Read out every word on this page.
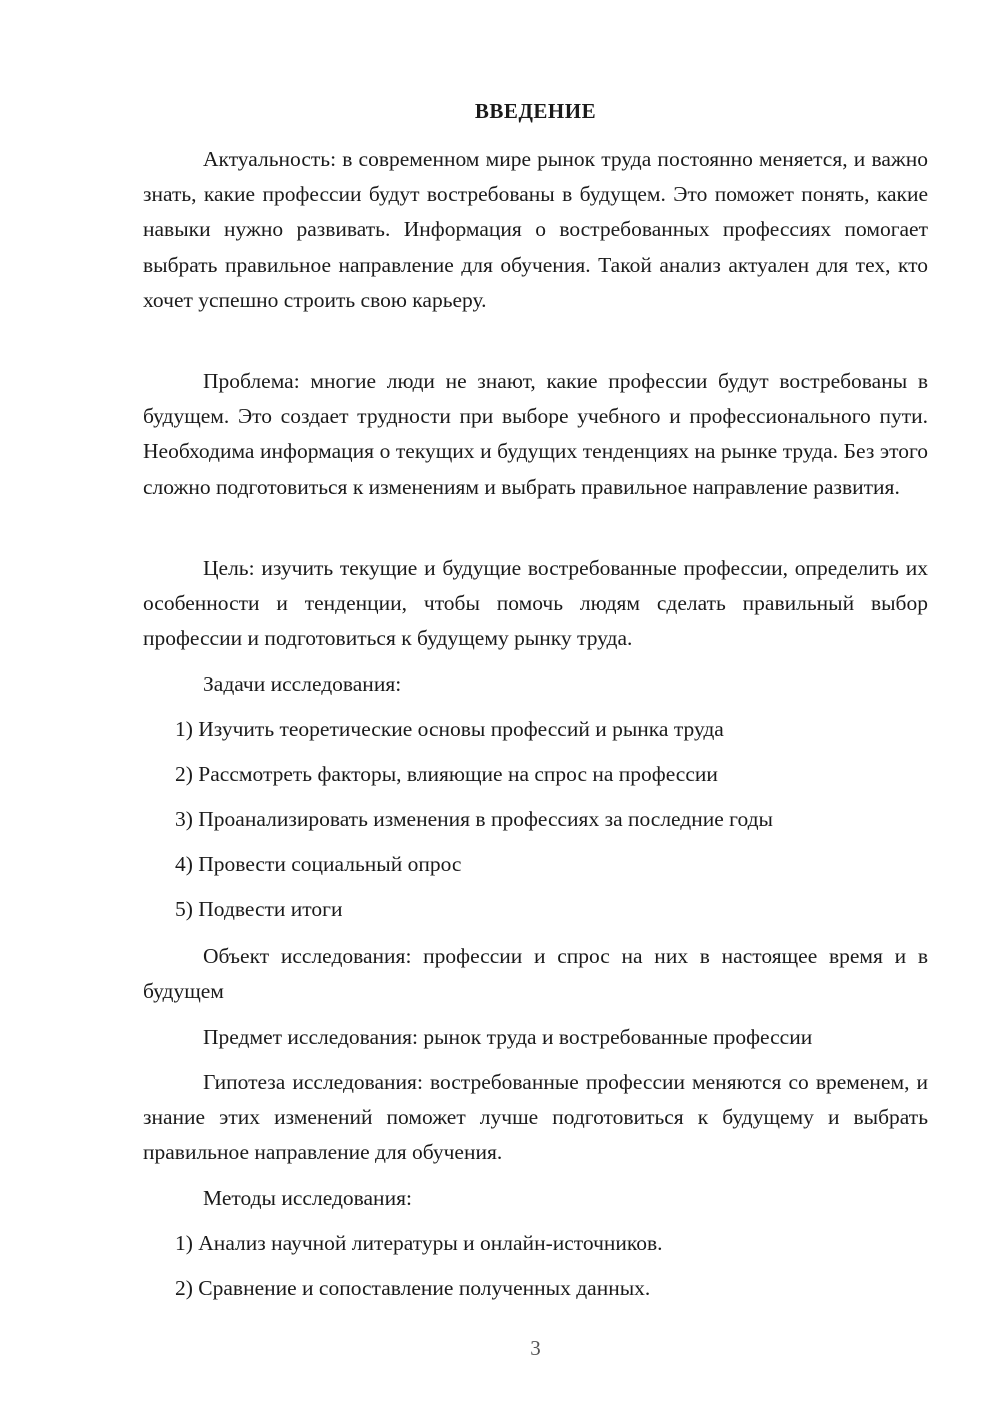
ВВЕДЕНИЕ

Актуальность: в современном мире рынок труда постоянно меняется, и важно знать, какие профессии будут востребованы в будущем. Это поможет понять, какие навыки нужно развивать. Информация о востребованных профессиях помогает выбрать правильное направление для обучения. Такой анализ актуален для тех, кто хочет успешно строить свою карьеру.

Проблема: многие люди не знают, какие профессии будут востребованы в будущем. Это создает трудности при выборе учебного и профессионального пути. Необходима информация о текущих и будущих тенденциях на рынке труда. Без этого сложно подготовиться к изменениям и выбрать правильное направление развития.

Цель: изучить текущие и будущие востребованные профессии, определить их особенности и тенденции, чтобы помочь людям сделать правильный выбор профессии и подготовиться к будущему рынку труда.

Задачи исследования:

1) Изучить теоретические основы профессий и рынка труда

2) Рассмотреть факторы, влияющие на спрос на профессии

3) Проанализировать изменения в профессиях за последние годы

4) Провести социальный опрос

5) Подвести итоги

Объект исследования: профессии и спрос на них в настоящее время и в будущем

Предмет исследования: рынок труда и востребованные профессии

Гипотеза исследования: востребованные профессии меняются со временем, и знание этих изменений поможет лучше подготовиться к будущему и выбрать правильное направление для обучения.

Методы исследования:

1) Анализ научной литературы и онлайн-источников.

2) Сравнение и сопоставление полученных данных.

3
